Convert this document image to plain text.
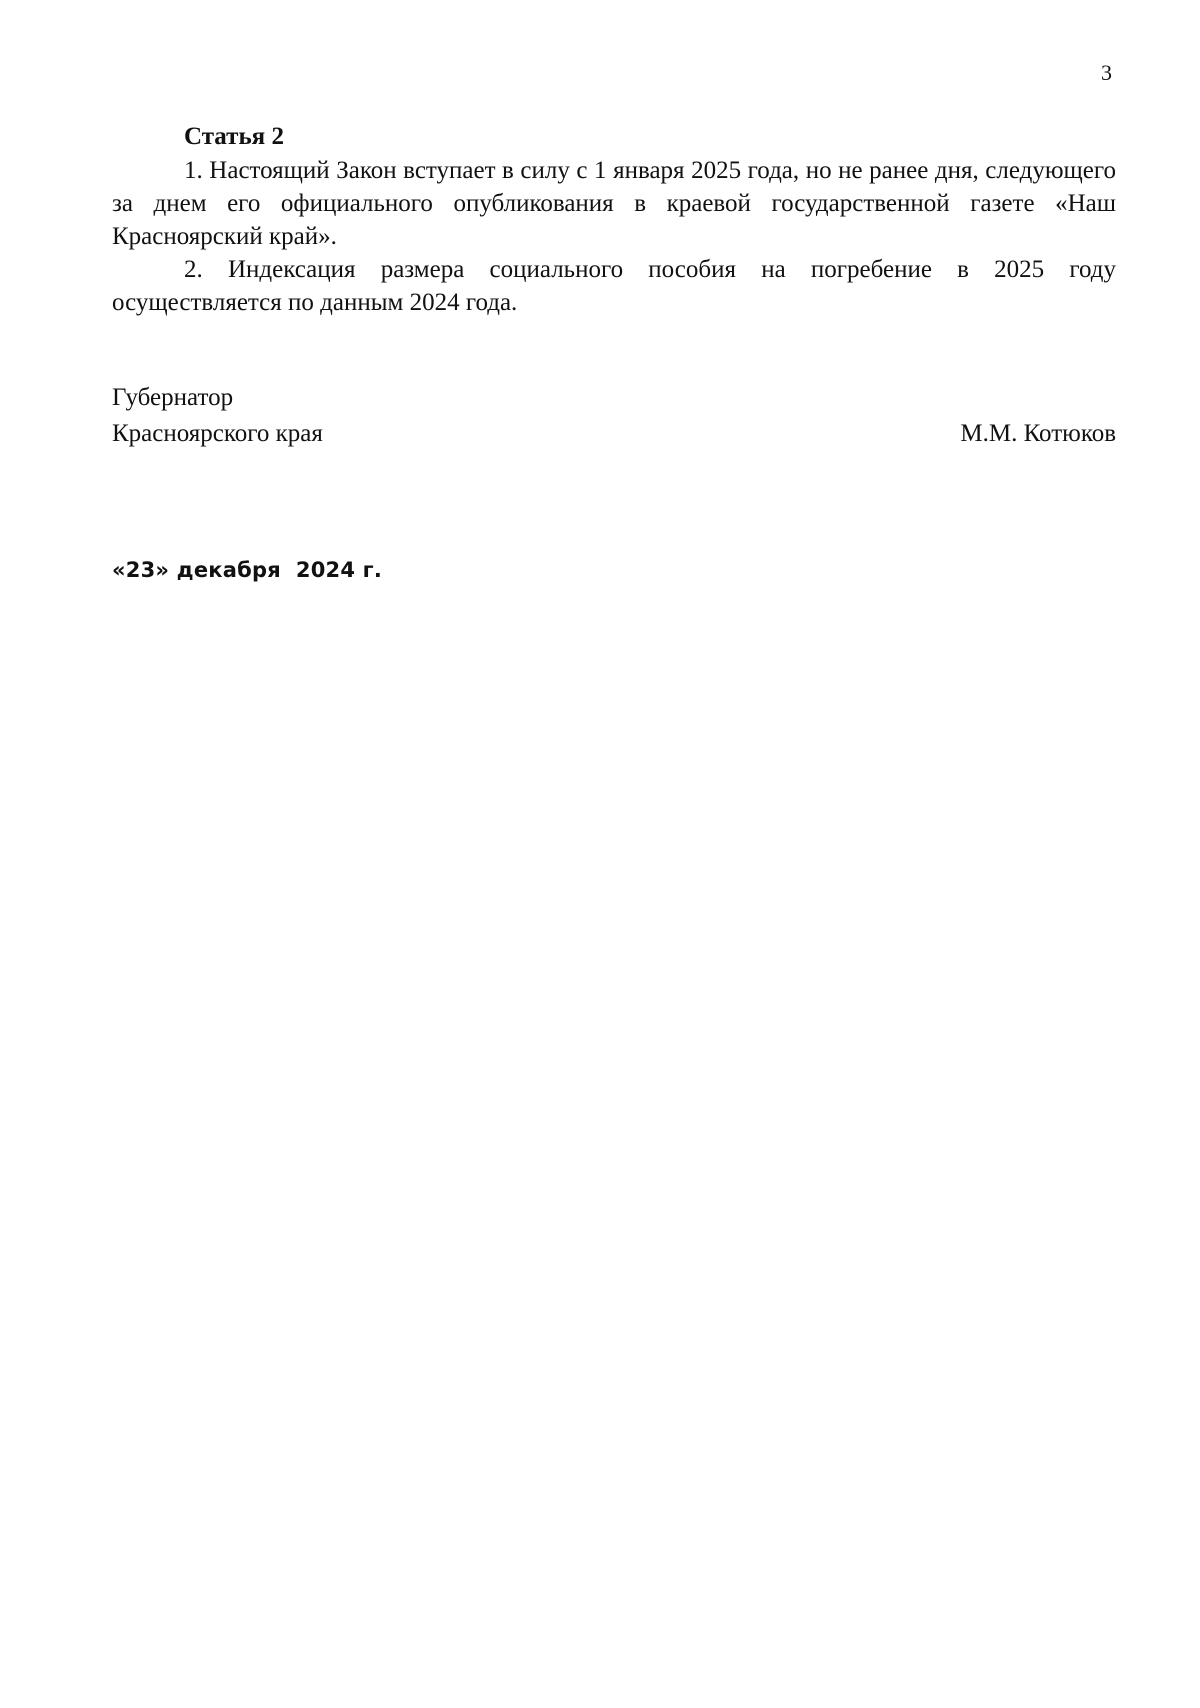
3
Статья 2

1. Настоящий Закон вступает в силу с 1 января 2025 года, но не ранее дня, следующего за днем его официального опубликования в краевой государственной газете «Наш Красноярский край».

2. Индексация размера социального пособия на погребение в 2025 году осуществляется по данным 2024 года.

Губернатор
Красноярского края	М.М. Котюков
«23» декабря  2024 г.
